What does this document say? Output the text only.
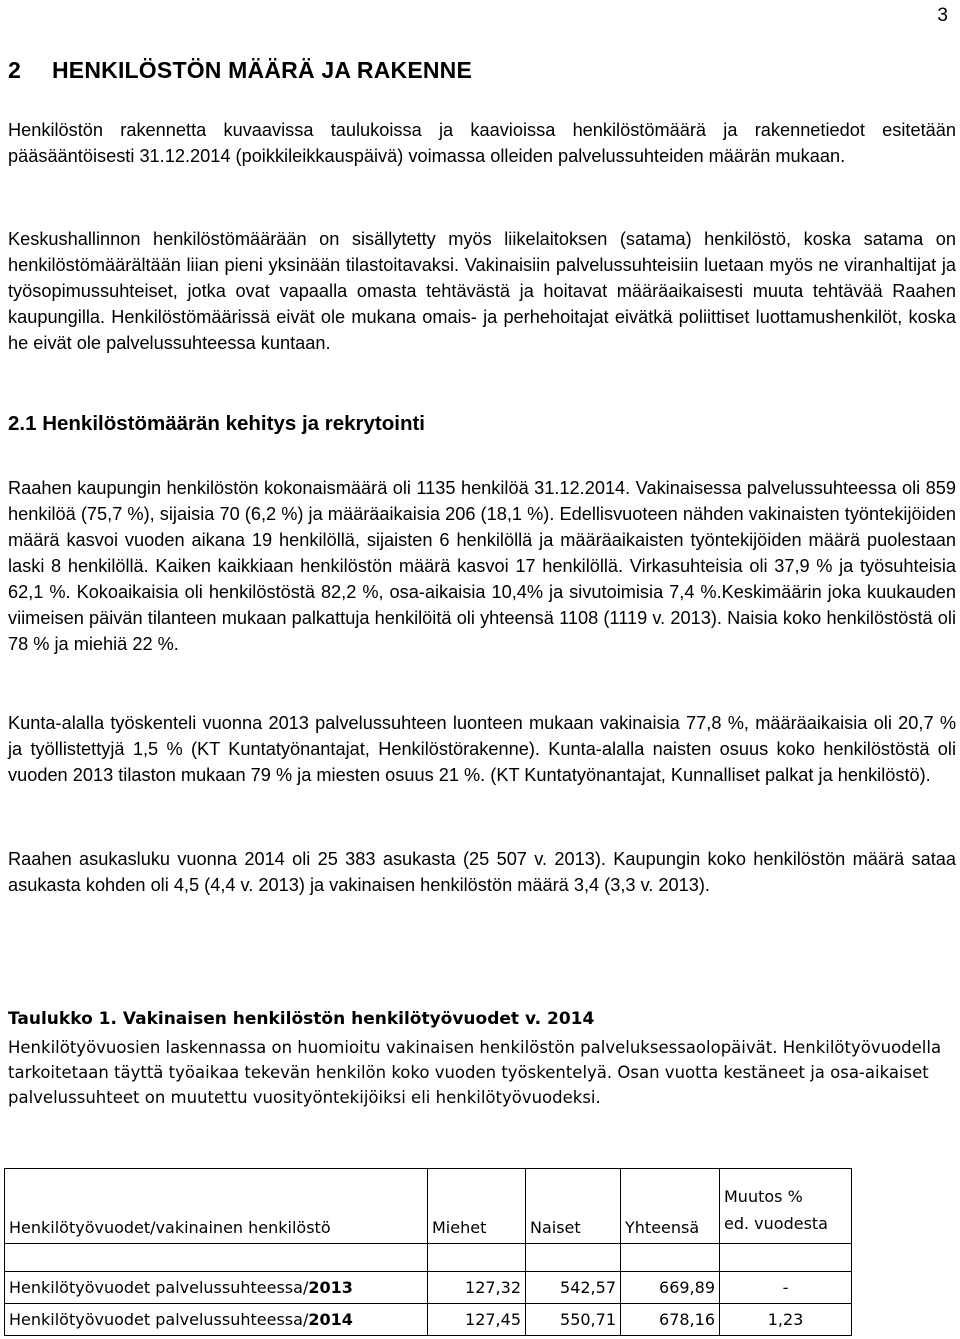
3
2 HENKILÖSTÖN MÄÄRÄ JA RAKENNE

Henkilöstön rakennetta kuvaavissa taulukoissa ja kaavioissa henkilöstömäärä ja rakennetiedot esitetään pääsääntöisesti 31.12.2014 (poikkileikkauspäivä) voimassa olleiden palvelussuhteiden määrän mukaan.

Keskushallinnon henkilöstömäärään on sisällytetty myös liikelaitoksen (satama) henkilöstö, koska satama on henkilöstömäärältään liian pieni yksinään tilastoitavaksi. Vakinaisiin palvelussuhteisiin luetaan myös ne viranhaltijat ja työsopimussuhteiset, jotka ovat vapaalla omasta tehtävästä ja hoitavat määräaikaisesti muuta tehtävää Raahen kaupungilla. Henkilöstömäärissä eivät ole mukana omais- ja perhehoitajat eivätkä poliittiset luottamushenkilöt, koska he eivät ole palvelussuhteessa kuntaan.

2.1 Henkilöstömäärän kehitys ja rekrytointi

Raahen kaupungin henkilöstön kokonaismäärä oli 1135 henkilöä 31.12.2014. Vakinaisessa palvelussuhteessa oli 859 henkilöä (75,7 %), sijaisia 70 (6,2 %) ja määräaikaisia 206 (18,1 %). Edellisvuoteen nähden vakinaisten työntekijöiden määrä kasvoi vuoden aikana 19 henkilöllä, sijaisten 6 henkilöllä ja määräaikaisten työntekijöiden määrä puolestaan laski 8 henkilöllä. Kaiken kaikkiaan henkilöstön määrä kasvoi 17 henkilöllä. Virkasuhteisia oli 37,9 % ja työsuhteisia 62,1 %. Kokoaikaisia oli henkilöstöstä 82,2 %, osa-aikaisia 10,4% ja sivutoimisia 7,4 %.Keskimäärin joka kuukauden viimeisen päivän tilanteen mukaan palkattuja henkilöitä oli yhteensä 1108 (1119 v. 2013). Naisia koko henkilöstöstä oli 78 % ja miehiä 22 %.

Kunta-alalla työskenteli vuonna 2013 palvelussuhteen luonteen mukaan vakinaisia 77,8 %, määräaikaisia oli 20,7 % ja työllistettyjä 1,5 % (KT Kuntatyönantajat, Henkilöstörakenne). Kunta-alalla naisten osuus koko henkilöstöstä oli vuoden 2013 tilaston mukaan 79 % ja miesten osuus 21 %. (KT Kuntatyönantajat, Kunnalliset palkat ja henkilöstö).

Raahen asukasluku vuonna 2014 oli 25 383 asukasta (25 507 v. 2013). Kaupungin koko henkilöstön määrä sataa asukasta kohden oli 4,5 (4,4 v. 2013) ja vakinaisen henkilöstön määrä 3,4 (3,3 v. 2013).

Taulukko 1. Vakinaisen henkilöstön henkilötyövuodet v. 2014

Henkilötyövuosien laskennassa on huomioitu vakinaisen henkilöstön palveluksessaolopäivät. Henkilötyövuodella tarkoitetaan täyttä työaikaa tekevän henkilön koko vuoden työskentelyä. Osan vuotta kestäneet ja osa-aikaiset palvelussuhteet on muutettu vuosityöntekijöiksi eli henkilötyövuodeksi.

Henkilötyövuodet/vakinainen henkilöstö	Miehet	Naiset	Yhteensä	Muutos %
ed. vuodesta

Henkilötyövuodet palvelussuhteessa/2013	127,32	542,57	669,89	-
Henkilötyövuodet palvelussuhteessa/2014	127,45	550,71	678,16	1,23
